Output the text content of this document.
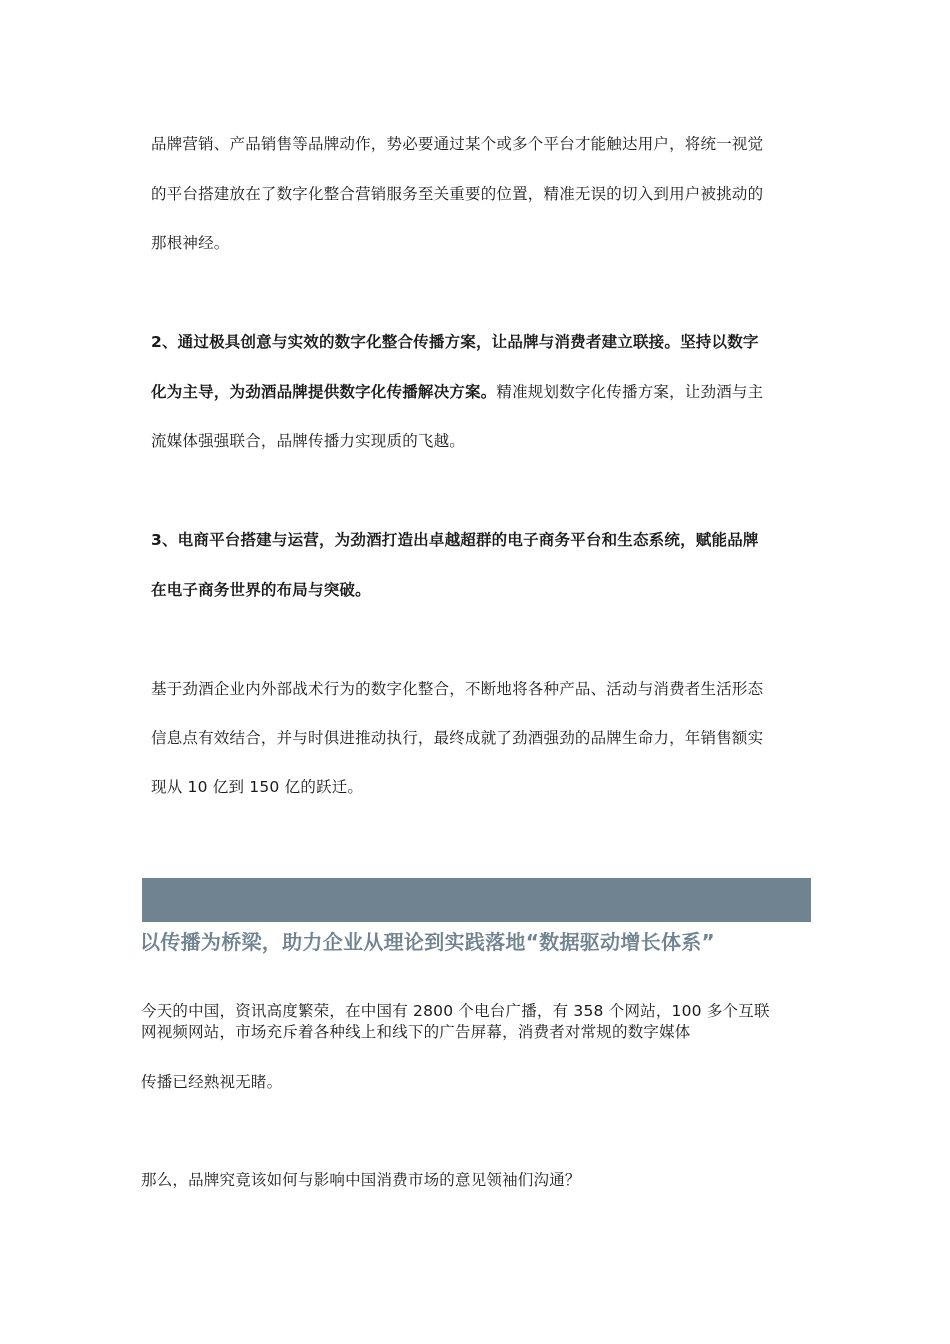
品牌营销、产品销售等品牌动作，势必要通过某个或多个平台才能触达用户，将统一视觉
的平台搭建放在了数字化整合营销服务至关重要的位置，精准无误的切入到用户被挑动的
那根神经。
2、通过极具创意与实效的数字化整合传播方案，让品牌与消费者建立联接。坚持以数字
化为主导，为劲酒品牌提供数字化传播解决方案。精准规划数字化传播方案，让劲酒与主
流媒体强强联合，品牌传播力实现质的飞越。
3、电商平台搭建与运营，为劲酒打造出卓越超群的电子商务平台和生态系统，赋能品牌
在电子商务世界的布局与突破。
基于劲酒企业内外部战术行为的数字化整合，不断地将各种产品、活动与消费者生活形态
信息点有效结合，并与时俱进推动执行，最终成就了劲酒强劲的品牌生命力，年销售额实
现从 10 亿到 150 亿的跃迁。
以传播为桥梁，助力企业从理论到实践落地“数据驱动增长体系”
今天的中国，资讯高度繁荣，在中国有 2800 个电台广播，有 358 个网站，100 多个互联
网视频网站，市场充斥着各种线上和线下的广告屏幕，消费者对常规的数字媒体
传播已经熟视无睹。
那么，品牌究竟该如何与影响中国消费市场的意见领袖们沟通？
